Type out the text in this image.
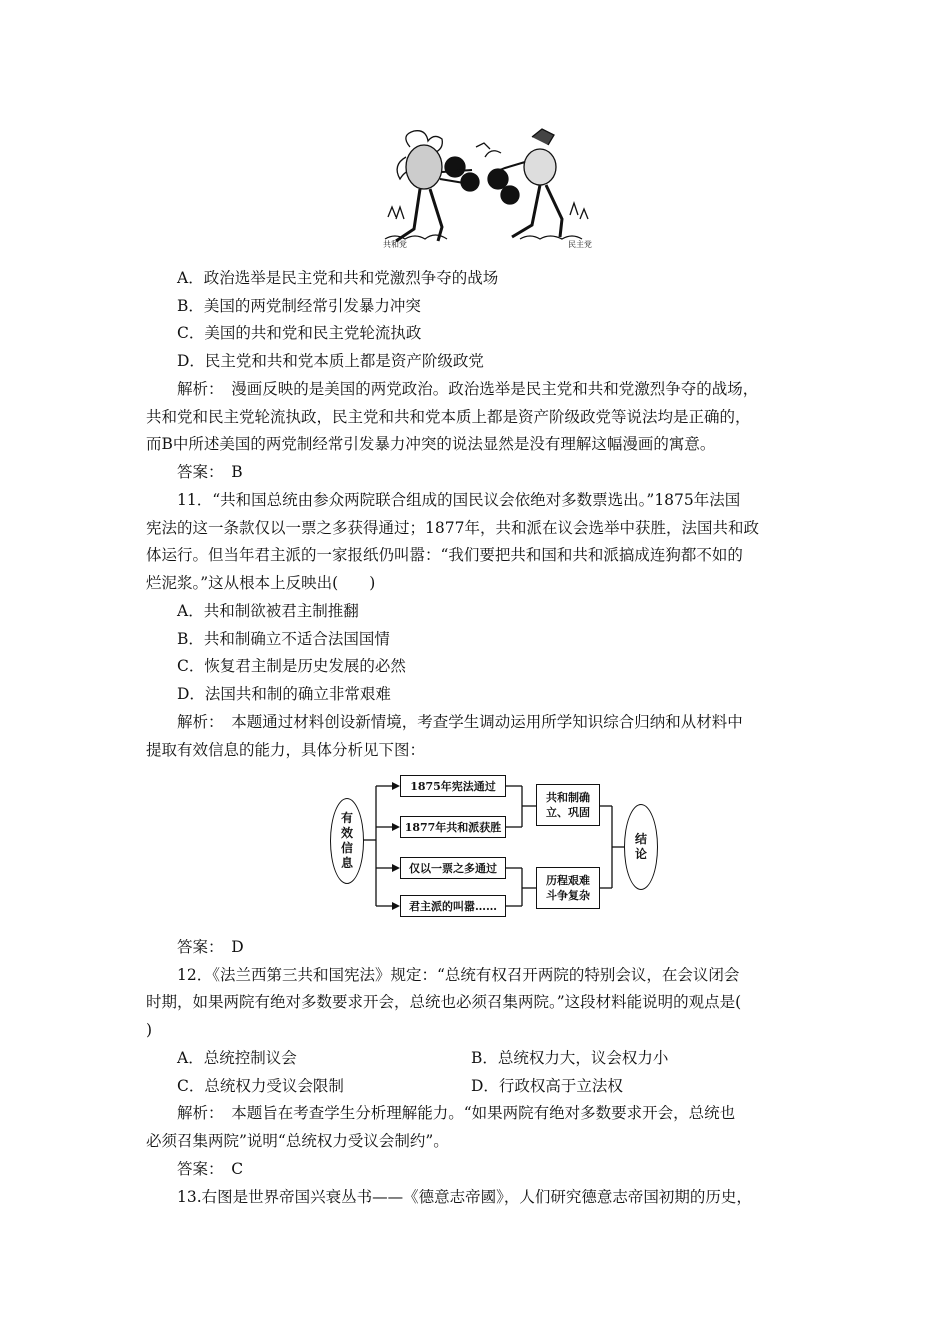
共和党	民主党
A．政治选举是民主党和共和党激烈争夺的战场
B．美国的两党制经常引发暴力冲突
C．美国的共和党和民主党轮流执政
D．民主党和共和党本质上都是资产阶级政党
解析：　漫画反映的是美国的两党政治。政治选举是民主党和共和党激烈争夺的战场，
共和党和民主党轮流执政，民主党和共和党本质上都是资产阶级政党等说法均是正确的，
而B中所述美国的两党制经常引发暴力冲突的说法显然是没有理解这幅漫画的寓意。
答案：　B
11．“共和国总统由参众两院联合组成的国民议会依绝对多数票选出。”1875年法国
宪法的这一条款仅以一票之多获得通过；1877年，共和派在议会选举中获胜，法国共和政
体运行。但当年君主派的一家报纸仍叫嚣：“我们要把共和国和共和派搞成连狗都不如的
烂泥浆。”这从根本上反映出(　　)
A．共和制欲被君主制推翻
B．共和制确立不适合法国国情
C．恢复君主制是历史发展的必然
D．法国共和制的确立非常艰难
解析：　本题通过材料创设新情境，考查学生调动运用所学知识综合归纳和从材料中
提取有效信息的能力，具体分析见下图：
有效信息
1875年宪法通过
1877年共和派获胜
仅以一票之多通过
君主派的叫嚣……
共和制确立、巩固
历程艰难斗争复杂
结论
答案：　D
12．《法兰西第三共和国宪法》规定：“总统有权召开两院的特别会议，在会议闭会
时期，如果两院有绝对多数要求开会，总统也必须召集两院。”这段材料能说明的观点是(
)
A．总统控制议会	B．总统权力大，议会权力小
C．总统权力受议会限制	D．行政权高于立法权
解析：　本题旨在考查学生分析理解能力。“如果两院有绝对多数要求开会，总统也
必须召集两院”说明“总统权力受议会制约”。
答案：　C
13.右图是世界帝国兴衰丛书——《德意志帝國》，人们研究德意志帝国初期的历史，
